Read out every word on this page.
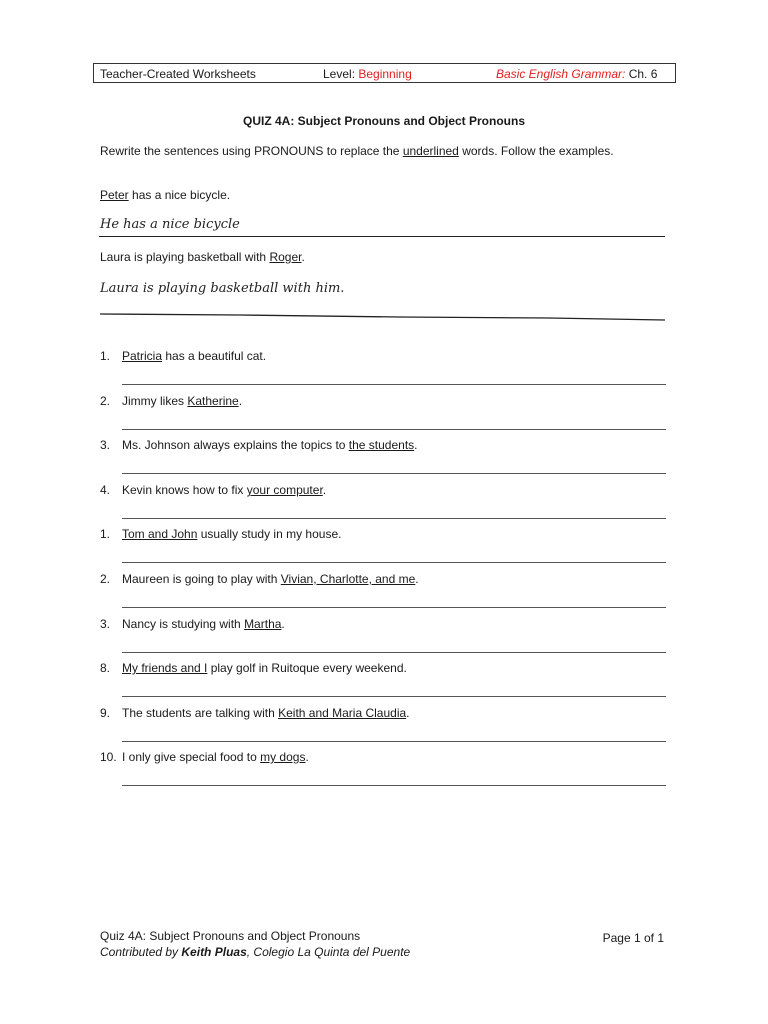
Teacher-Created Worksheets	Level: Beginning	Basic English Grammar: Ch. 6
QUIZ 4A: Subject Pronouns and Object Pronouns
Rewrite the sentences using PRONOUNS to replace the underlined words. Follow the examples.
Peter has a nice bicycle.
He has a nice bicycle
Laura is playing basketball with Roger.
Laura is playing basketball with him.
1. Patricia has a beautiful cat.
2. Jimmy likes Katherine.
3. Ms. Johnson always explains the topics to the students.
4. Kevin knows how to fix your computer.
1. Tom and John usually study in my house.
2. Maureen is going to play with Vivian, Charlotte, and me.
3. Nancy is studying with Martha.
8. My friends and I play golf in Ruitoque every weekend.
9. The students are talking with Keith and Maria Claudia.
10. I only give special food to my dogs.
Quiz 4A: Subject Pronouns and Object Pronouns
Contributed by Keith Pluas, Colegio La Quinta del Puente
Page 1 of 1
